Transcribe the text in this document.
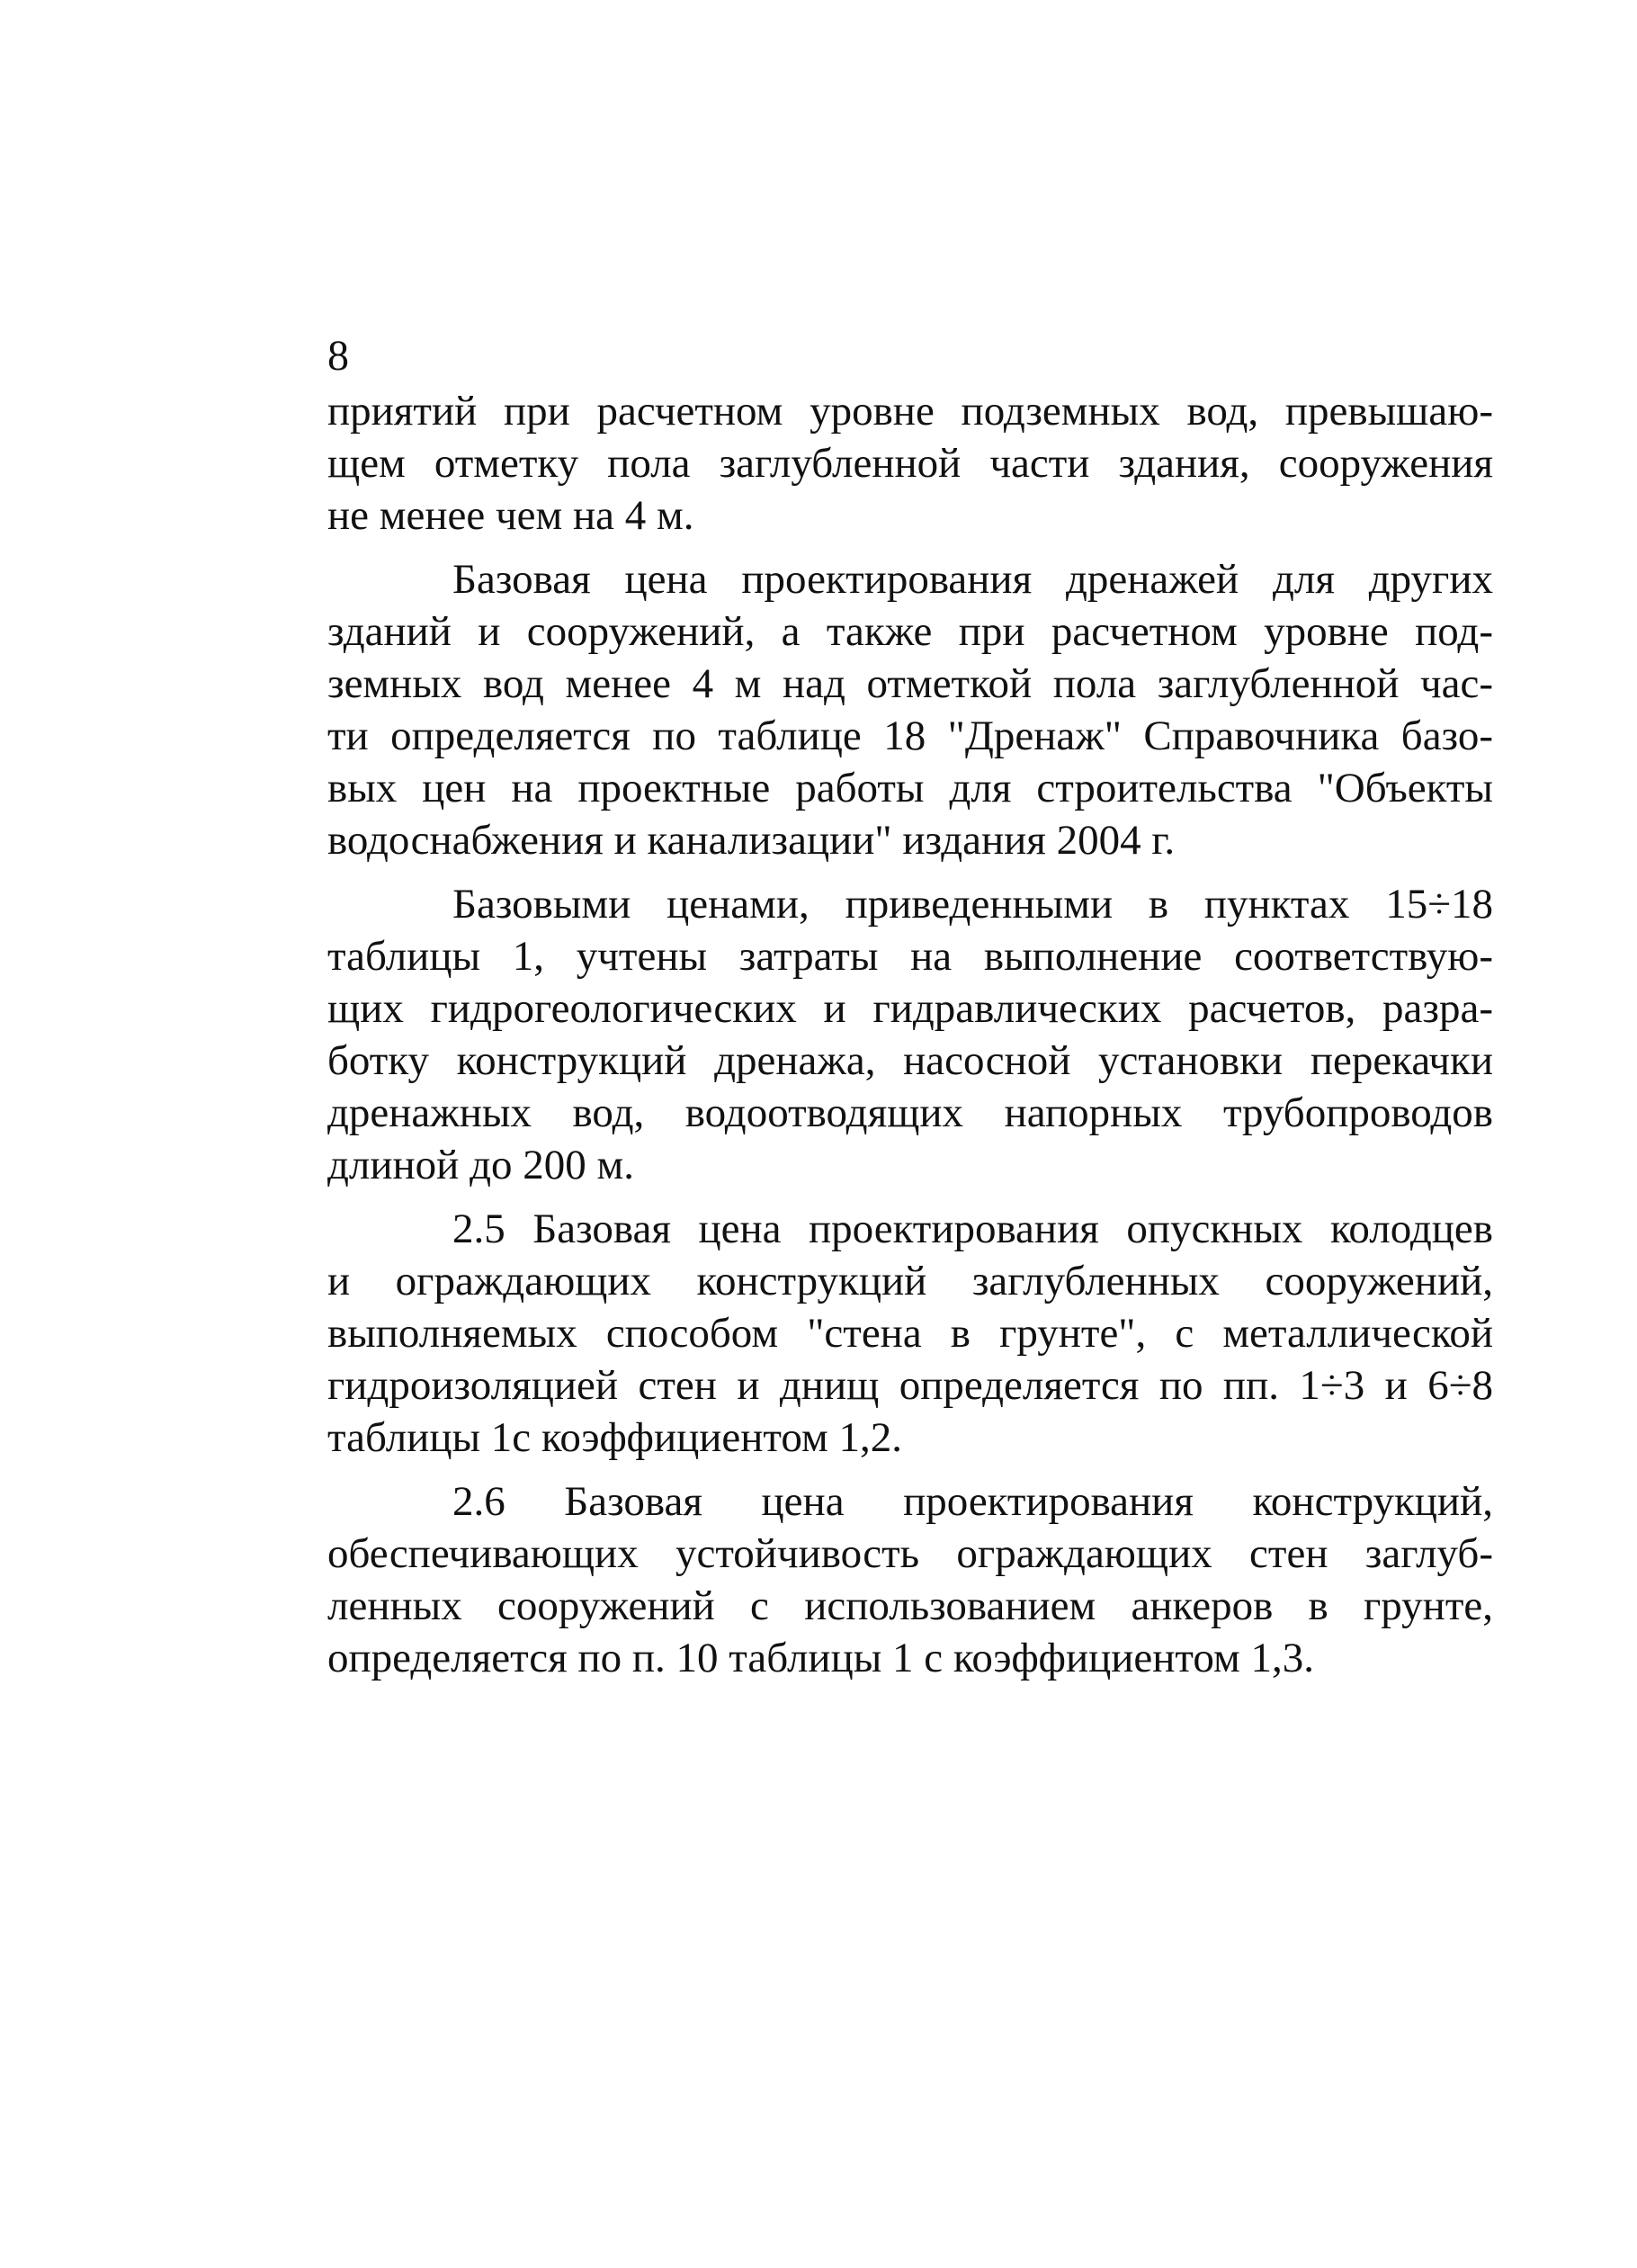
8
приятий при расчетном уровне подземных вод, превышаю-
щем отметку пола заглубленной части здания, сооружения
не менее чем на 4 м.
Базовая цена проектирования дренажей для других
зданий и сооружений, а также при расчетном уровне под-
земных вод менее 4 м над отметкой пола заглубленной час-
ти определяется по таблице 18 "Дренаж" Справочника базо-
вых цен на проектные работы для строительства "Объекты
водоснабжения и канализации" издания 2004 г.
Базовыми ценами, приведенными в пунктах 15÷18
таблицы 1, учтены затраты на выполнение соответствую-
щих гидрогеологических и гидравлических расчетов, разра-
ботку конструкций дренажа, насосной установки перекачки
дренажных вод, водоотводящих напорных трубопроводов
длиной до 200 м.
2.5 Базовая цена проектирования опускных колодцев
и ограждающих конструкций заглубленных сооружений,
выполняемых способом "стена в грунте", с металлической
гидроизоляцией стен и днищ определяется по пп. 1÷3 и 6÷8
таблицы 1с коэффициентом 1,2.
2.6 Базовая цена проектирования конструкций,
обеспечивающих устойчивость ограждающих стен заглуб-
ленных сооружений с использованием анкеров в грунте,
определяется по п. 10 таблицы 1 с коэффициентом 1,3.
